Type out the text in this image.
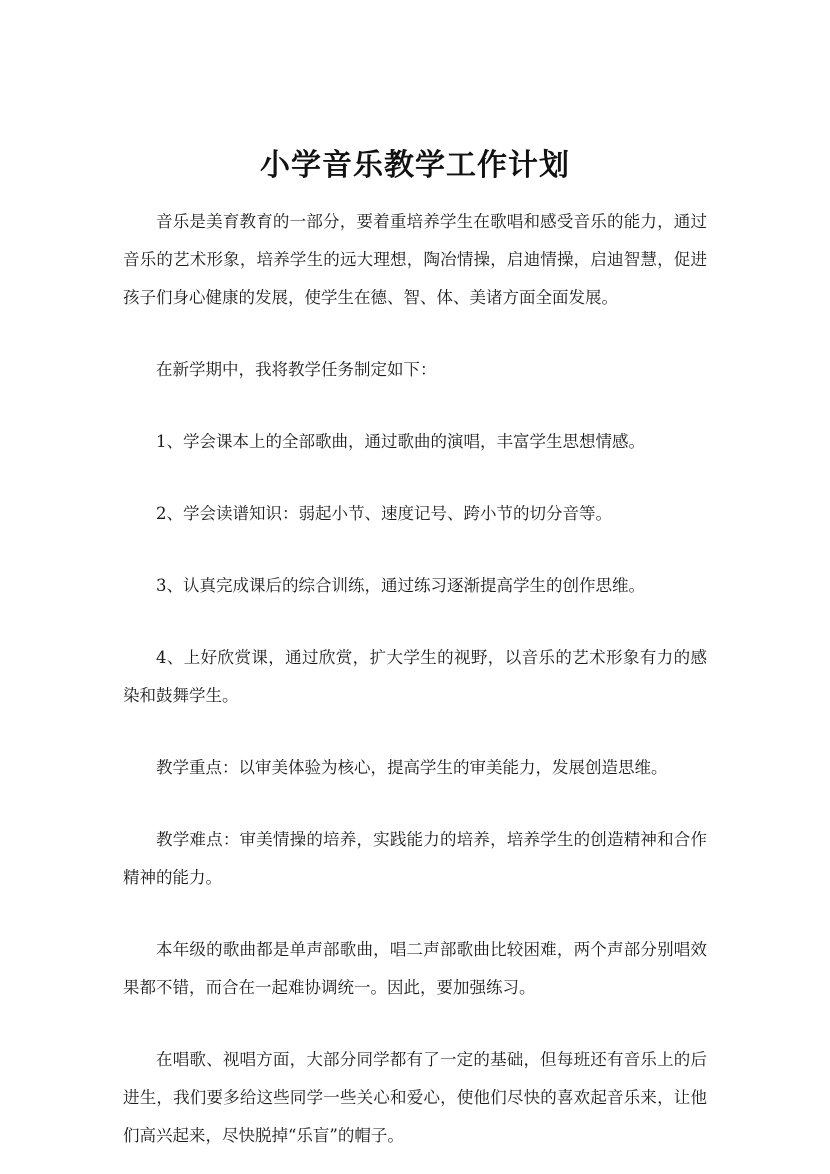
小学音乐教学工作计划

音乐是美育教育的一部分，要着重培养学生在歌唱和感受音乐的能力，通过音乐的艺术形象，培养学生的远大理想，陶冶情操，启迪情操，启迪智慧，促进孩子们身心健康的发展，使学生在德、智、体、美诸方面全面发展。

在新学期中，我将教学任务制定如下：

1、学会课本上的全部歌曲，通过歌曲的演唱，丰富学生思想情感。

2、学会读谱知识：弱起小节、速度记号、跨小节的切分音等。

3、认真完成课后的综合训练，通过练习逐渐提高学生的创作思维。

4、上好欣赏课，通过欣赏，扩大学生的视野，以音乐的艺术形象有力的感染和鼓舞学生。

教学重点：以审美体验为核心，提高学生的审美能力，发展创造思维。

教学难点：审美情操的培养，实践能力的培养，培养学生的创造精神和合作精神的能力。

本年级的歌曲都是单声部歌曲，唱二声部歌曲比较困难，两个声部分别唱效果都不错，而合在一起难协调统一。因此，要加强练习。

在唱歌、视唱方面，大部分同学都有了一定的基础，但每班还有音乐上的后进生，我们要多给这些同学一些关心和爱心，使他们尽快的喜欢起音乐来，让他们高兴起来，尽快脱掉“乐盲”的帽子。
